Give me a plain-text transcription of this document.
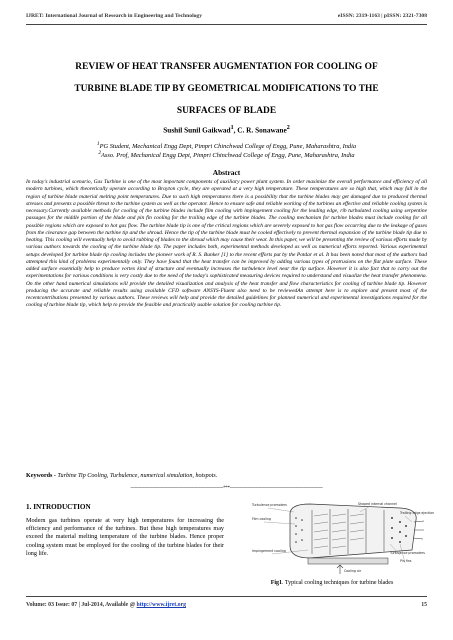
IJRET: International Journal of Research in Engineering and Technology	eISSN: 2319-1163 | pISSN: 2321-7308
REVIEW OF HEAT TRANSFER AUGMENTATION FOR COOLING OF
TURBINE BLADE TIP BY GEOMETRICAL MODIFICATIONS TO THE
SURFACES OF BLADE
Sushil Sunil Gaikwad$^1$, C. R. Sonawane$^2$
$^1$PG Student, Mechanical Engg Dept, Pimpri Chinchwad College of Engg, Pune, Maharashtra, India
$^2$Asso. Prof, Mechanical Engg Dept, Pimpri Chinchwad College of Engg, Pune, Maharashtra, India
Abstract

In today's industrial scenario, Gas Turbine is one of the most important components of auxiliary power plant system. In order maximize the overall performance and efficiency of all modern turbines, which theoretically operate according to Brayton cycle, they are operated at a very high temperature. These temperatures are so high that, which may fall in the region of turbine blade material melting point temperatures. Due to such high temperatures there is a possibility that the turbine blades may get damaged due to produced thermal stresses and presents a possible threat to the turbine system as well as the operator. Hence to ensure safe and reliable working of the turbines an effective and reliable cooling system is necessary.Currently available methods for cooling of the turbine blades include film cooling with impingement cooling for the leading edge, rib turbulated cooling using serpentine passages for the middle portion of the blade and pin fin cooling for the trailing edge of the turbine blades. The cooling mechanism for turbine blades must include cooling for all possible regions which are exposed to hot gas flow. The turbine blade tip is one of the critical regions which are severely exposed to hot gas flow occurring due to the leakage of gases from the clearance gap between the turbine tip and the shroud. Hence the tip of the turbine blade must be cooled effectively to prevent thermal expansion of the turbine blade tip due to heating. This cooling will eventually help to avoid rubbing of blades to the shroud which may cause their wear. In this paper, we will be presenting the review of various efforts made by various authors towards the cooling of the turbine blade tip. The paper includes both, experimental methods developed as well as numerical efforts reported. Various experimental setups developed for turbine blade tip cooling includes the pioneer work of R. S. Bunker [1] to the recent efforts put by the Potdar et al. It has been noted that most of the authors had attempted this kind of problems experimentally only. They have found that the heat transfer can be improved by adding various types of protrusions on the flat plate surface. These added surface essentially help to produce vortex kind of structure and eventually increases the turbulence level near the tip surface. However it is also fact that to carry out the experimentations for various conditions is very costly due to the need of the today's sophisticated measuring devices required to understand and visualize the heat transfer phenomena. On the other hand numerical simulations will provide the detailed visualization and analysis of the heat transfer and flow characteristics for cooling of turbine blade tip. However producing the accurate and reliable results using available CFD software ANSYS-Fluent also need to be reviewedAn attempt here is to explore and present most of the recentcontributions presented by various authors. These reviews will help and provide the detailed guidelines for planned numerical and experimental investigations required for the cooling of turbine blade tip, which help to provide the feasible and practically usable solution for cooling turbine tip.

Keywords - Turbine Tip Cooling, Turbulence, numerical simulation, hotspots.
--------------------------------------------------------------------***--------------------------------------------------------------------
1. INTRODUCTION

Modern gas turbines operate at very high temperatures for increasing the efficiency and performance of the turbines. But these high temperatures may exceed the material melting temperature of the turbine blades. Hence proper cooling system must be employed for the cooling of the turbine blades for their long life.

Turbulence promoters
Film cooling
Shaped internal channel
Trailing edge ejection
Impingement cooling	Turbulence promoters
Pin fins
Cooling air
Fig1. Typical cooling techniques for turbine blades
Volume: 03 Issue: 07 | Jul-2014, Available @ http://www.ijret.org	15
